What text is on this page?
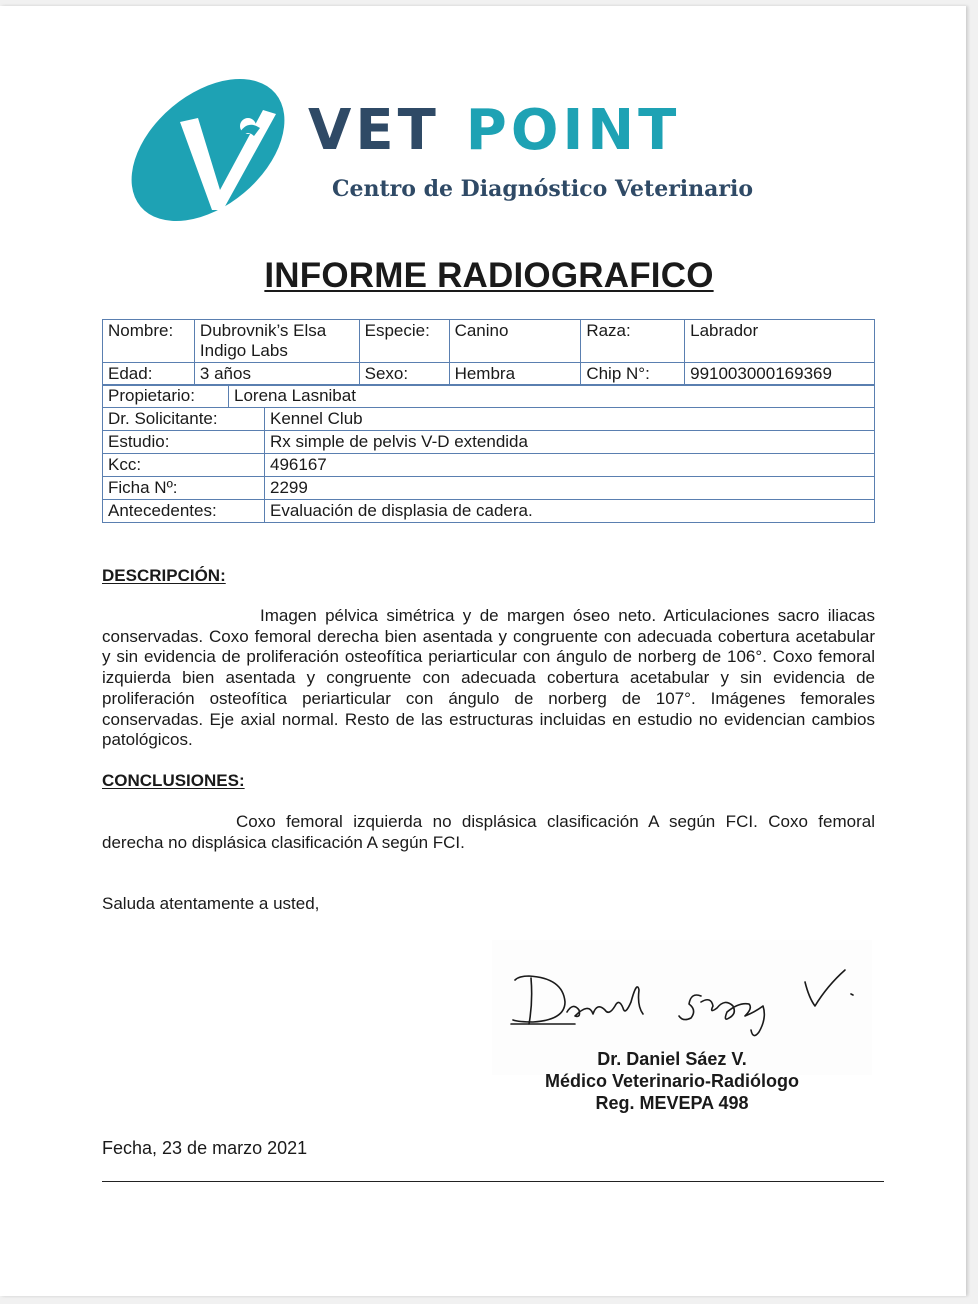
VET POINT
Centro de Diagnóstico Veterinario
INFORME RADIOGRAFICO
Nombre:	Dubrovnik’s Elsa Indigo Labs	Especie:	Canino	Raza:	Labrador
Edad:	3 años	Sexo:	Hembra	Chip N°:	991003000169369
Propietario:	Lorena Lasnibat
Dr. Solicitante:	Kennel Club
Estudio:	Rx simple de pelvis V-D extendida
Kcc:	496167
Ficha Nº:	2299
Antecedentes:	Evaluación de displasia de cadera.
DESCRIPCIÓN:
Imagen pélvica simétrica y de margen óseo neto. Articulaciones sacro iliacas conservadas. Coxo femoral derecha bien asentada y congruente con adecuada cobertura acetabular y sin evidencia de proliferación osteofítica periarticular con ángulo de norberg de 106°. Coxo femoral izquierda bien asentada y congruente con adecuada cobertura acetabular y sin evidencia de proliferación osteofítica periarticular con ángulo de norberg de 107°. Imágenes femorales conservadas. Eje axial normal. Resto de las estructuras incluidas en estudio no evidencian cambios patológicos.
CONCLUSIONES:
Coxo femoral izquierda no displásica clasificación A según FCI. Coxo femoral derecha no displásica clasificación A según FCI.
Saluda atentamente a usted,
Dr. Daniel Sáez V.
Médico Veterinario-Radiólogo
Reg. MEVEPA 498
Fecha, 23 de marzo 2021
